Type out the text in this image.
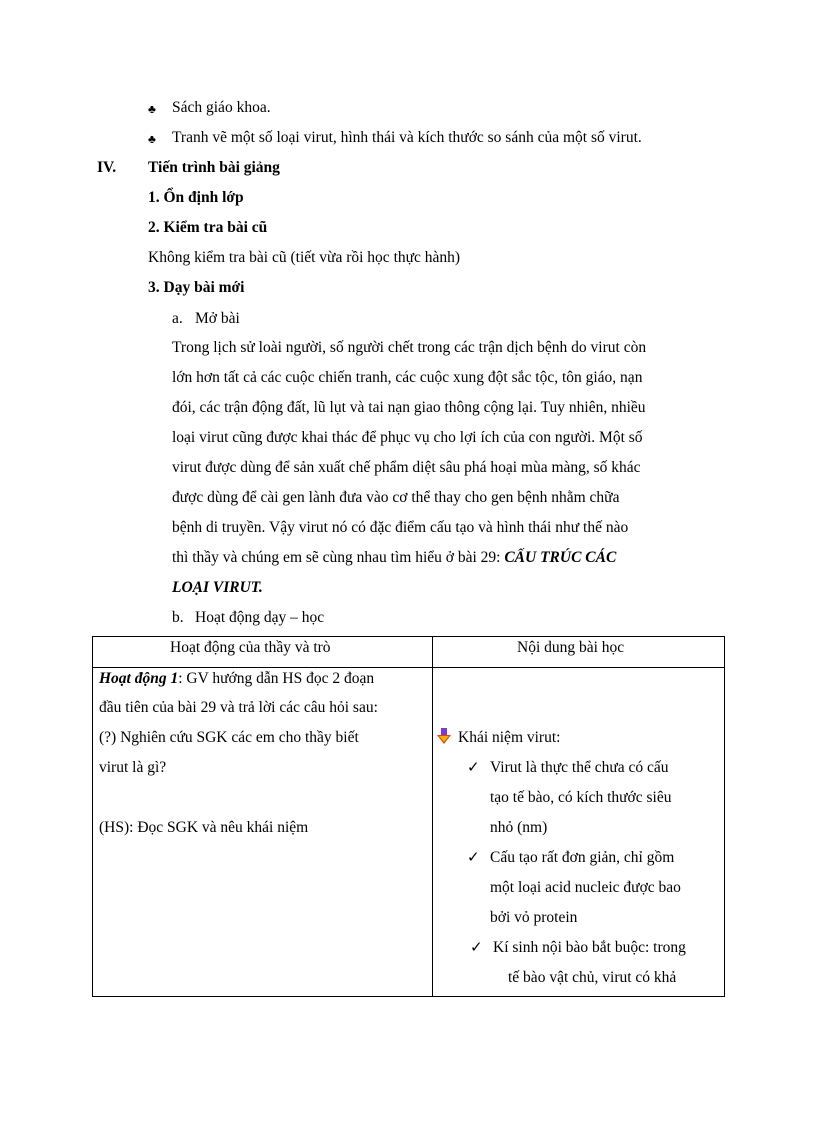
♣ Sách giáo khoa.
♣ Tranh vẽ một số loại virut, hình thái và kích thước so sánh của một số virut.
IV. Tiến trình bài giảng
1. Ổn định lớp
2. Kiểm tra bài cũ
Không kiểm tra bài cũ (tiết vừa rồi học thực hành)
3. Dạy bài mới
a. Mở bài
Trong lịch sử loài người, số người chết trong các trận dịch bệnh do virut còn
lớn hơn tất cả các cuộc chiến tranh, các cuộc xung đột sắc tộc, tôn giáo, nạn
đói, các trận động đất, lũ lụt và tai nạn giao thông cộng lại. Tuy nhiên, nhiều
loại virut cũng được khai thác để phục vụ cho lợi ích của con người. Một số
virut được dùng để sản xuất chế phẩm diệt sâu phá hoại mùa màng, số khác
được dùng để cài gen lành đưa vào cơ thể thay cho gen bệnh nhằm chữa
bệnh di truyền. Vậy virut nó có đặc điểm cấu tạo và hình thái như thế nào
thì thầy và chúng em sẽ cùng nhau tìm hiểu ở bài 29: CẤU TRÚC CÁC
LOẠI VIRUT.
b. Hoạt động dạy – học
Hoạt động của thầy và trò	Nội dung bài học
Hoạt động 1: GV hướng dẫn HS đọc 2 đoạn
đầu tiên của bài 29 và trả lời các câu hỏi sau:
(?) Nghiên cứu SGK các em cho thầy biết
virut là gì?
(HS): Đọc SGK và nêu khái niệm
Khái niệm virut:
✓ Virut là thực thể chưa có cấu
tạo tế bào, có kích thước siêu
nhỏ (nm)
✓ Cấu tạo rất đơn giản, chỉ gồm
một loại acid nucleic được bao
bởi vỏ protein
✓ Kí sinh nội bào bắt buộc: trong
tế bào vật chủ, virut có khả
